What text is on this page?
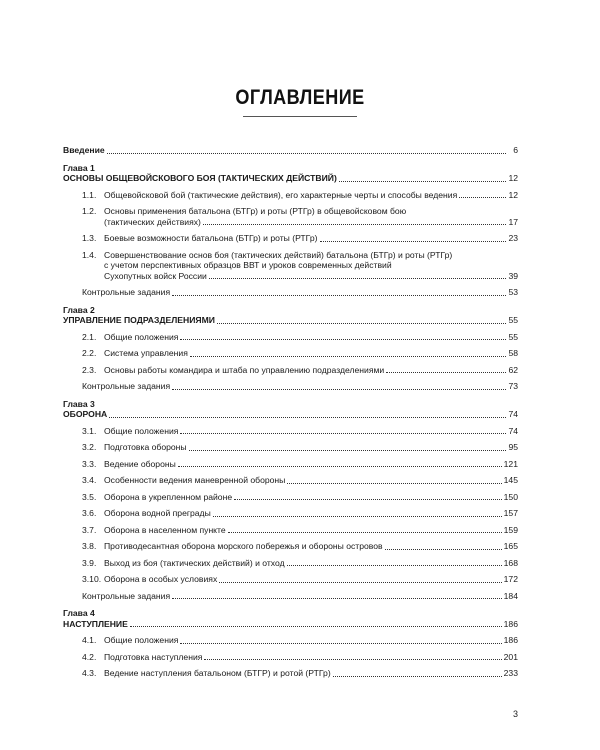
ОГЛАВЛЕНИЕ
Введение	6
Глава 1
ОСНОВЫ ОБЩЕВОЙСКОВОГО БОЯ (ТАКТИЧЕСКИХ ДЕЙСТВИЙ)	12
1.1. Общевойсковой бой (тактические действия), его характерные черты и способы ведения	12
1.2. Основы применения батальона (БТГр) и роты (РТГр) в общевойсковом бою
(тактических действиях)	17
1.3. Боевые возможности батальона (БТГр) и роты (РТГр)	23
1.4. Совершенствование основ боя (тактических действий) батальона (БТГр) и роты (РТГр)
с учетом перспективных образцов ВВТ и уроков современных действий
Сухопутных войск России	39
Контрольные задания	53
Глава 2
УПРАВЛЕНИЕ ПОДРАЗДЕЛЕНИЯМИ	55
2.1. Общие положения	55
2.2. Система управления	58
2.3. Основы работы командира и штаба по управлению подразделениями	62
Контрольные задания	73
Глава 3
ОБОРОНА	74
3.1. Общие положения	74
3.2. Подготовка обороны	95
3.3. Ведение обороны	121
3.4. Особенности ведения маневренной обороны	145
3.5. Оборона в укрепленном районе	150
3.6. Оборона водной преграды	157
3.7. Оборона в населенном пункте	159
3.8. Противодесантная оборона морского побережья и обороны островов	165
3.9. Выход из боя (тактических действий) и отход	168
3.10. Оборона в особых условиях	172
Контрольные задания	184
Глава 4
НАСТУПЛЕНИЕ	186
4.1. Общие положения	186
4.2. Подготовка наступления	201
4.3. Ведение наступления батальоном (БТГР) и ротой (РТГр)	233
3
